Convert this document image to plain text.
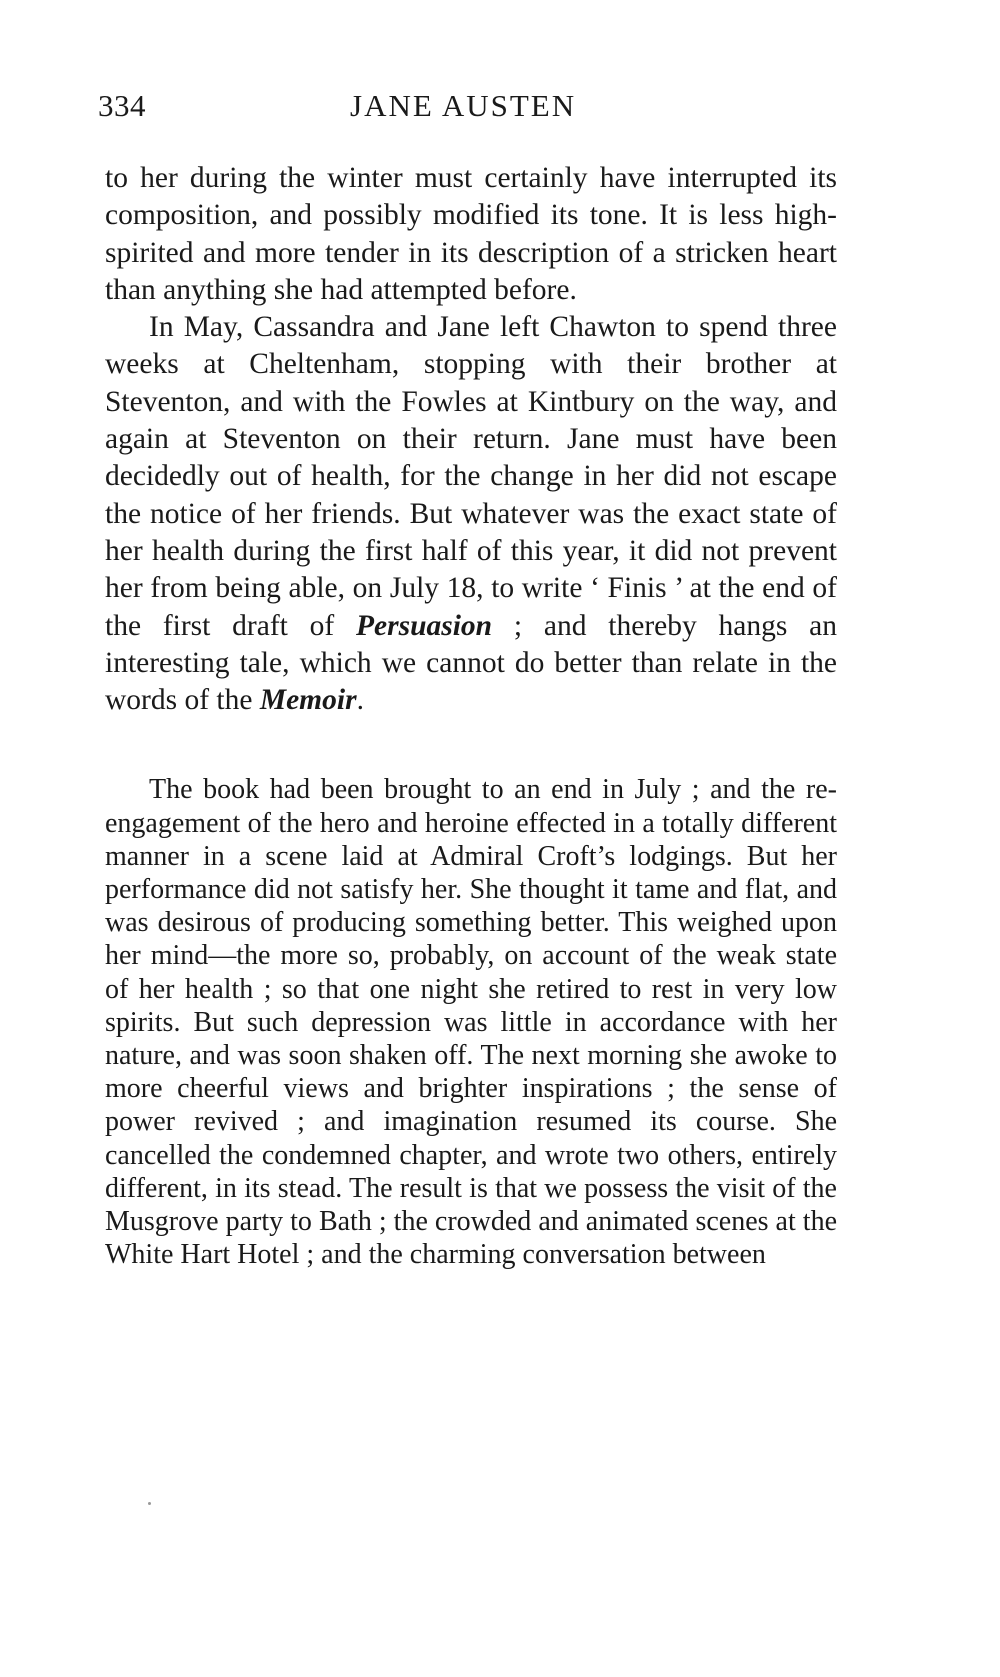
334	JANE AUSTEN

to her during the winter must certainly have interrupted its composition, and possibly modified its tone. It is less high-spirited and more tender in its description of a stricken heart than anything she had attempted before.

In May, Cassandra and Jane left Chawton to spend three weeks at Cheltenham, stopping with their brother at Steventon, and with the Fowles at Kintbury on the way, and again at Steventon on their return. Jane must have been decidedly out of health, for the change in her did not escape the notice of her friends. But whatever was the exact state of her health during the first half of this year, it did not prevent her from being able, on July 18, to write ‘ Finis ’ at the end of the first draft of Persuasion ; and thereby hangs an interesting tale, which we cannot do better than relate in the words of the Memoir.

The book had been brought to an end in July ; and the re-engagement of the hero and heroine effected in a totally different manner in a scene laid at Admiral Croft’s lodgings. But her performance did not satisfy her. She thought it tame and flat, and was desirous of producing something better. This weighed upon her mind—the more so, probably, on account of the weak state of her health ; so that one night she retired to rest in very low spirits. But such depression was little in accordance with her nature, and was soon shaken off. The next morning she awoke to more cheerful views and brighter inspirations ; the sense of power revived ; and imagination resumed its course. She cancelled the condemned chapter, and wrote two others, entirely different, in its stead. The result is that we possess the visit of the Musgrove party to Bath ; the crowded and animated scenes at the White Hart Hotel ; and the charming conversation between
